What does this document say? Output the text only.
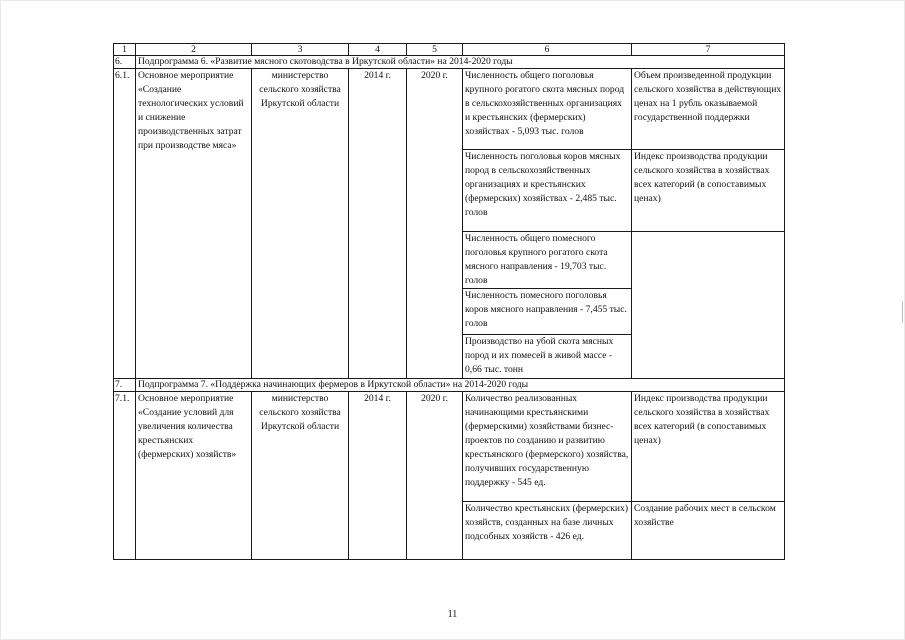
1	2	3	4	5	6	7
6.	Подпрограмма 6. «Развитие мясного скотоводства в Иркутской области» на 2014-2020 годы					
6.1.	Основное мероприятие «Создание технологических условий и снижение производственных затрат при производстве мяса»	министерство сельского хозяйства Иркутской области	2014 г.	2020 г.	Численность общего поголовья крупного рогатого скота мясных пород в сельскохозяйственных организациях и крестьянских (фермерских) хозяйствах - 5,093 тыс. голов	Объем произведенной продукции сельского хозяйства в действующих ценах на 1 рубль оказываемой государственной поддержки
					Численность поголовья коров мясных пород в сельскохозяйственных организациях и крестьянских (фермерских) хозяйствах - 2,485 тыс. голов	Индекс производства продукции сельского хозяйства в хозяйствах всех категорий (в сопоставимых ценах)
					Численность общего помесного поголовья крупного рогатого скота мясного направления - 19,703 тыс. голов	
					Численность помесного поголовья коров мясного направления - 7,455 тыс. голов	
					Производство на убой скота мясных пород и их помесей в живой массе - 0,66 тыс. тонн	
7.	Подпрограмма 7. «Поддержка начинающих фермеров в Иркутской области» на 2014-2020 годы					
7.1.	Основное мероприятие «Создание условий для увеличения количества крестьянских (фермерских) хозяйств»	министерство сельского хозяйства Иркутской области	2014 г.	2020 г.	Количество реализованных начинающими крестьянскими (фермерскими) хозяйствами бизнес-проектов по созданию и развитию крестьянского (фермерского) хозяйства, получивших государственную поддержку - 545 ед.	Индекс производства продукции сельского хозяйства в хозяйствах всех категорий (в сопоставимых ценах)
					Количество крестьянских (фермерских) хозяйств, созданных на базе личных подсобных хозяйств - 426 ед.	Создание рабочих мест в сельском хозяйстве
11
